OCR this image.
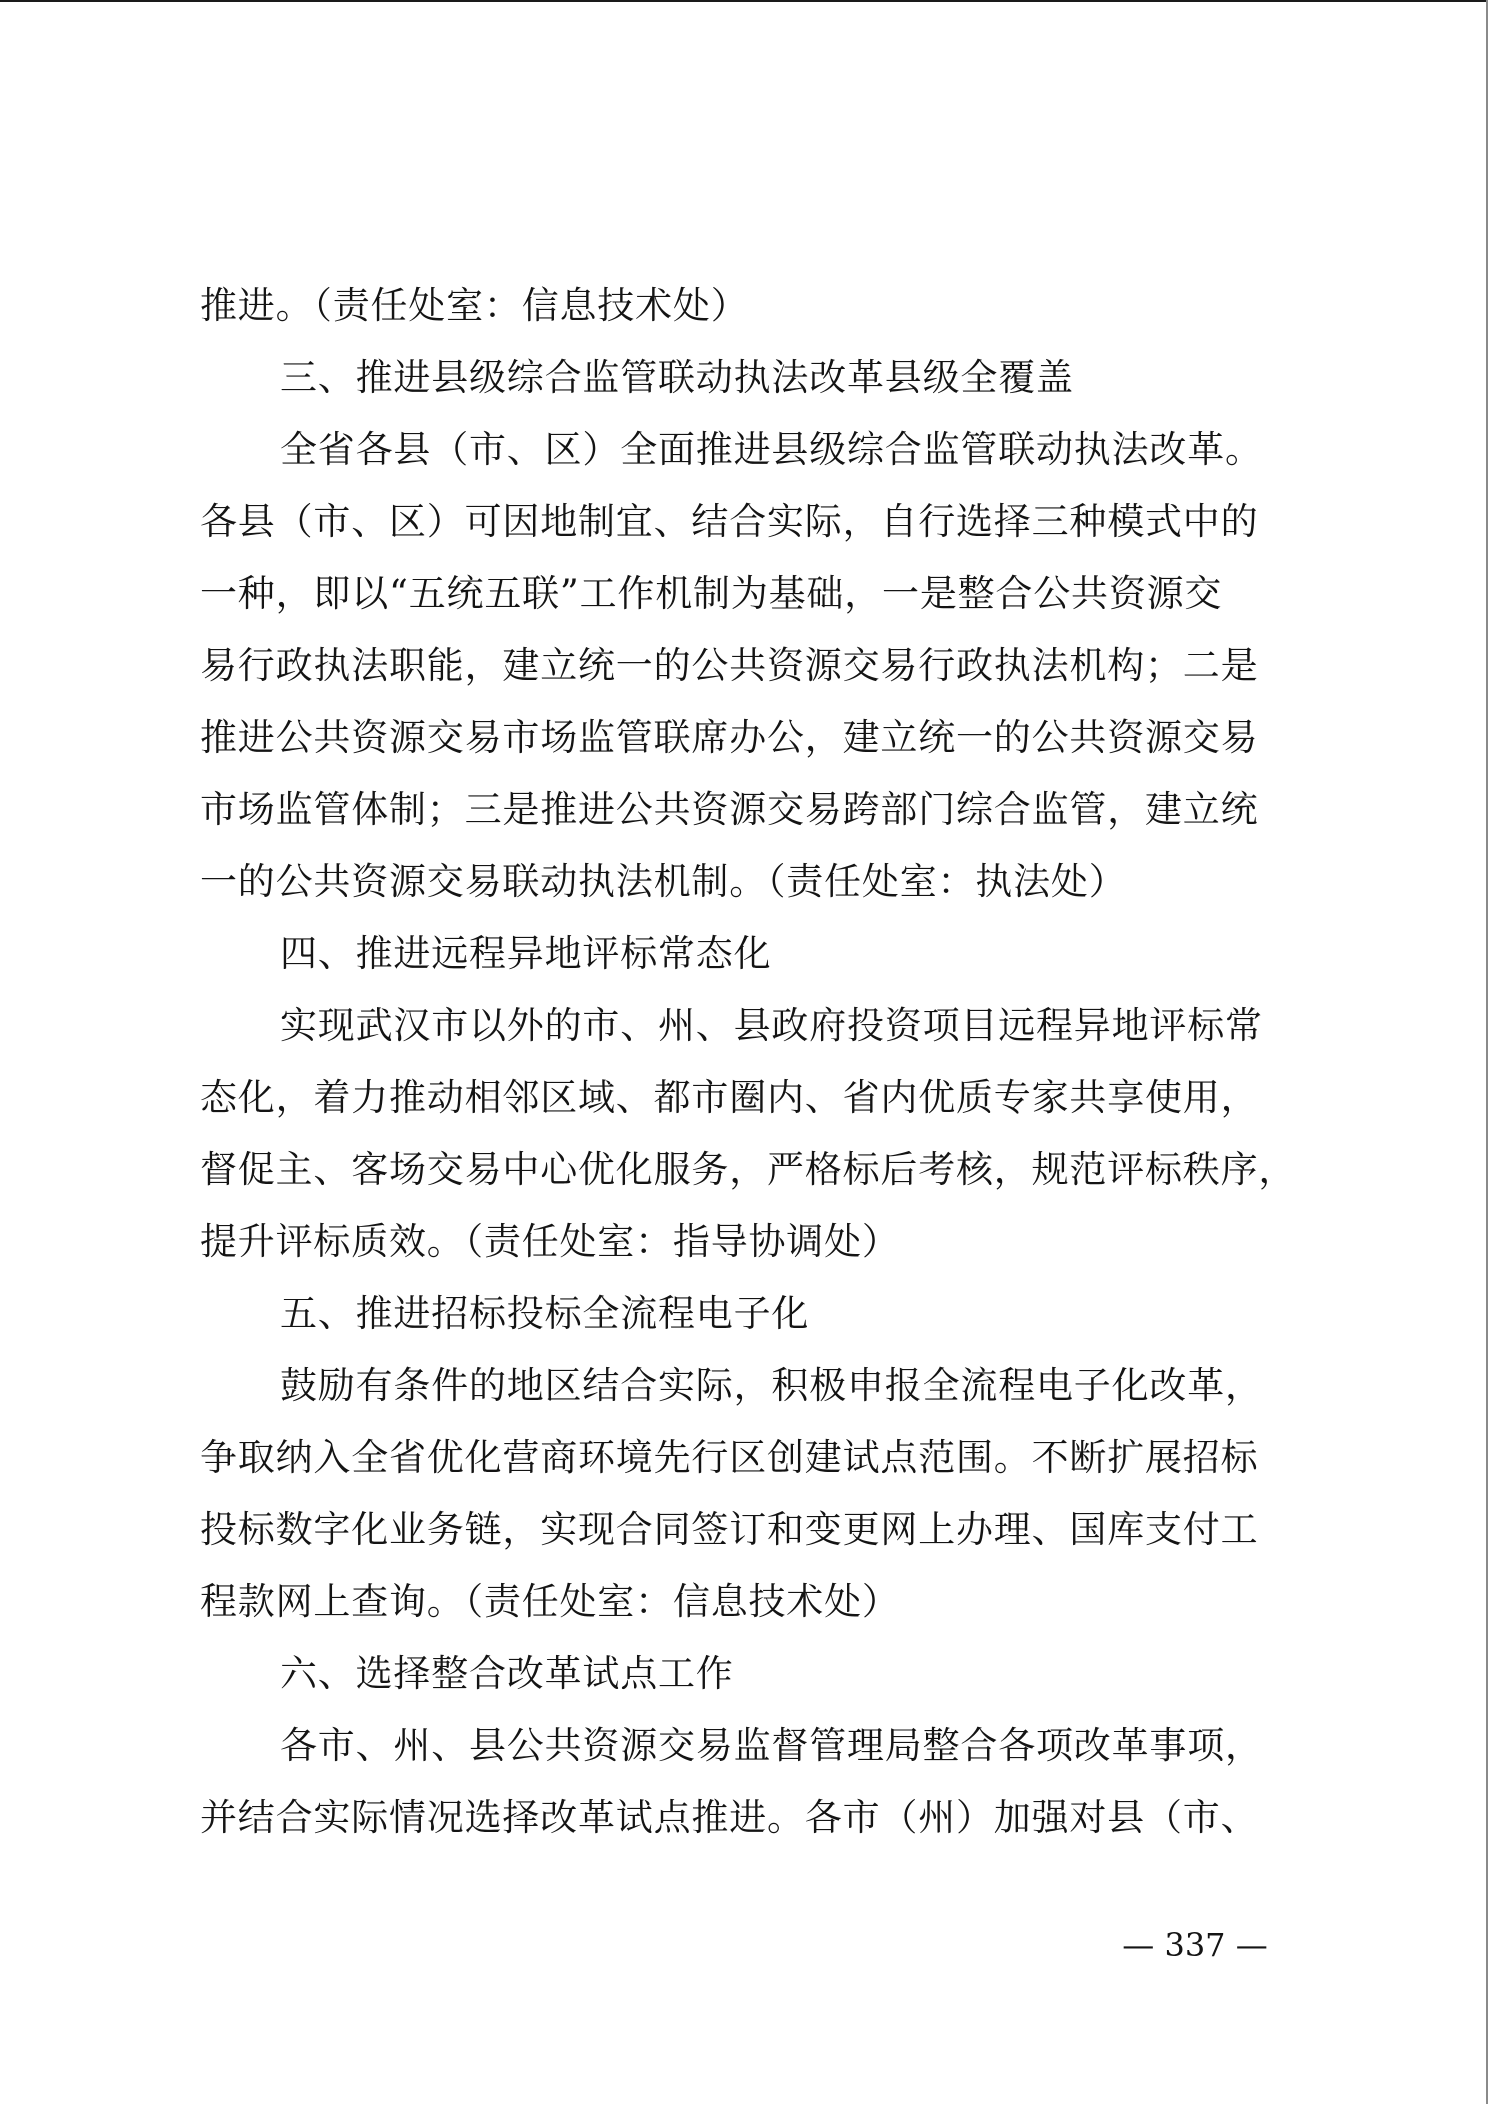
推进。（责任处室：信息技术处）
三、推进县级综合监管联动执法改革县级全覆盖
全省各县（市、区）全面推进县级综合监管联动执法改革。
各县（市、区）可因地制宜、结合实际，自行选择三种模式中的
一种，即以“五统五联”工作机制为基础，一是整合公共资源交
易行政执法职能，建立统一的公共资源交易行政执法机构；二是
推进公共资源交易市场监管联席办公，建立统一的公共资源交易
市场监管体制；三是推进公共资源交易跨部门综合监管，建立统
一的公共资源交易联动执法机制。（责任处室：执法处）
四、推进远程异地评标常态化
实现武汉市以外的市、州、县政府投资项目远程异地评标常
态化，着力推动相邻区域、都市圈内、省内优质专家共享使用，
督促主、客场交易中心优化服务，严格标后考核，规范评标秩序，
提升评标质效。（责任处室：指导协调处）
五、推进招标投标全流程电子化
鼓励有条件的地区结合实际，积极申报全流程电子化改革，
争取纳入全省优化营商环境先行区创建试点范围。不断扩展招标
投标数字化业务链，实现合同签订和变更网上办理、国库支付工
程款网上查询。（责任处室：信息技术处）
六、选择整合改革试点工作
各市、州、县公共资源交易监督管理局整合各项改革事项，
并结合实际情况选择改革试点推进。各市（州）加强对县（市、
— 337 —
